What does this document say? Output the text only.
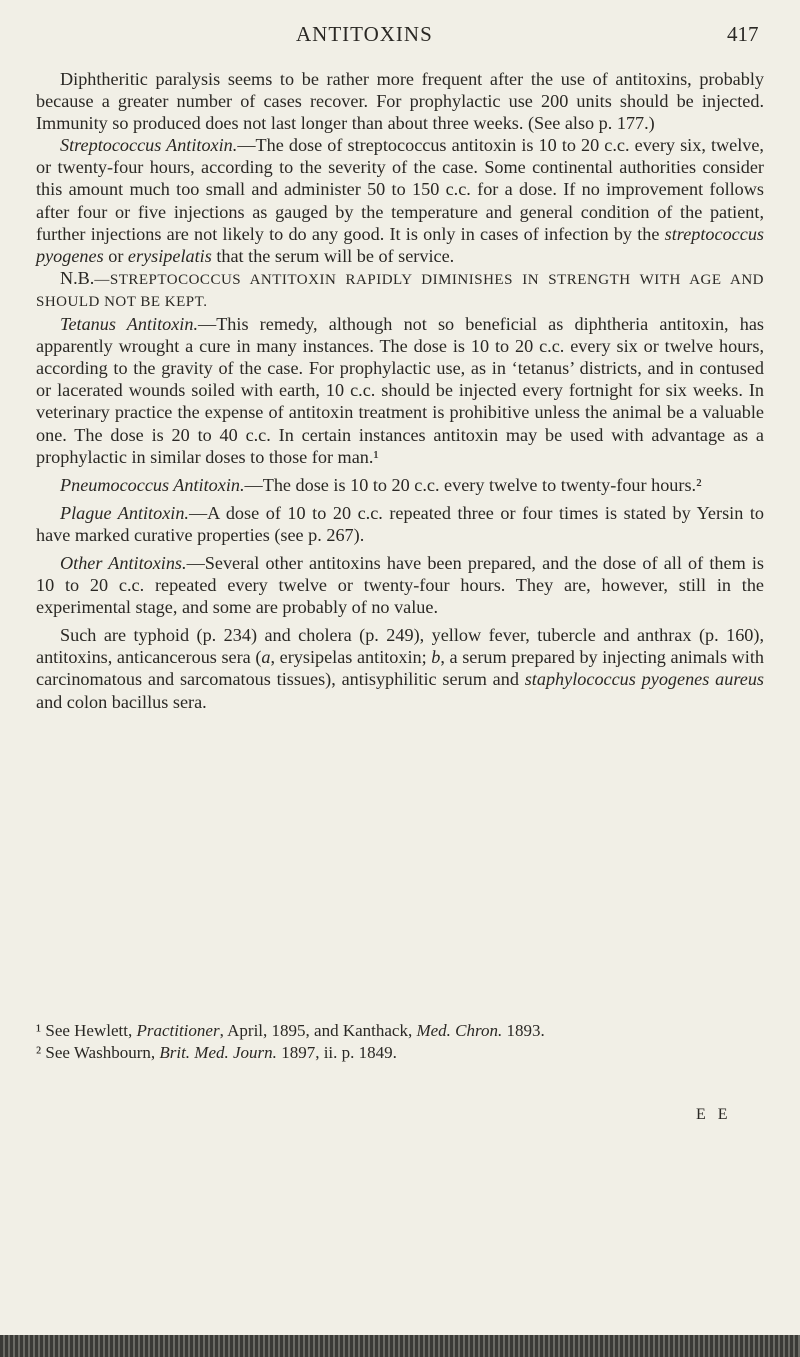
ANTITOXINS	417

Diphtheritic paralysis seems to be rather more frequent after the use of antitoxins, probably because a greater number of cases recover. For prophylactic use 200 units should be injected. Immunity so produced does not last longer than about three weeks. (See also p. 177.)

Streptococcus Antitoxin.—The dose of streptococcus antitoxin is 10 to 20 c.c. every six, twelve, or twenty-four hours, according to the severity of the case. Some continental authorities consider this amount much too small and administer 50 to 150 c.c. for a dose. If no improvement follows after four or five injections as gauged by the temperature and general condition of the patient, further injections are not likely to do any good. It is only in cases of infection by the streptococcus pyogenes or erysipelatis that the serum will be of service.

N.B.—STREPTOCOCCUS ANTITOXIN RAPIDLY DIMINISHES IN STRENGTH WITH AGE AND SHOULD NOT BE KEPT.

Tetanus Antitoxin.—This remedy, although not so beneficial as diphtheria antitoxin, has apparently wrought a cure in many instances. The dose is 10 to 20 c.c. every six or twelve hours, according to the gravity of the case. For prophylactic use, as in ‘tetanus’ districts, and in contused or lacerated wounds soiled with earth, 10 c.c. should be injected every fortnight for six weeks. In veterinary practice the expense of antitoxin treatment is prohibitive unless the animal be a valuable one. The dose is 20 to 40 c.c. In certain instances antitoxin may be used with advantage as a prophylactic in similar doses to those for man.¹

Pneumococcus Antitoxin.—The dose is 10 to 20 c.c. every twelve to twenty-four hours.²

Plague Antitoxin.—A dose of 10 to 20 c.c. repeated three or four times is stated by Yersin to have marked curative properties (see p. 267).

Other Antitoxins.—Several other antitoxins have been prepared, and the dose of all of them is 10 to 20 c.c. repeated every twelve or twenty-four hours. They are, however, still in the experimental stage, and some are probably of no value.

Such are typhoid (p. 234) and cholera (p. 249), yellow fever, tubercle and anthrax (p. 160), antitoxins, anticancerous sera (a, erysipelas antitoxin; b, a serum prepared by injecting animals with carcinomatous and sarcomatous tissues), antisyphilitic serum and staphylococcus pyogenes aureus and colon bacillus sera.

¹ See Hewlett, Practitioner, April, 1895, and Kanthack, Med. Chron. 1893.

² See Washbourn, Brit. Med. Journ. 1897, ii. p. 1849.

E E
